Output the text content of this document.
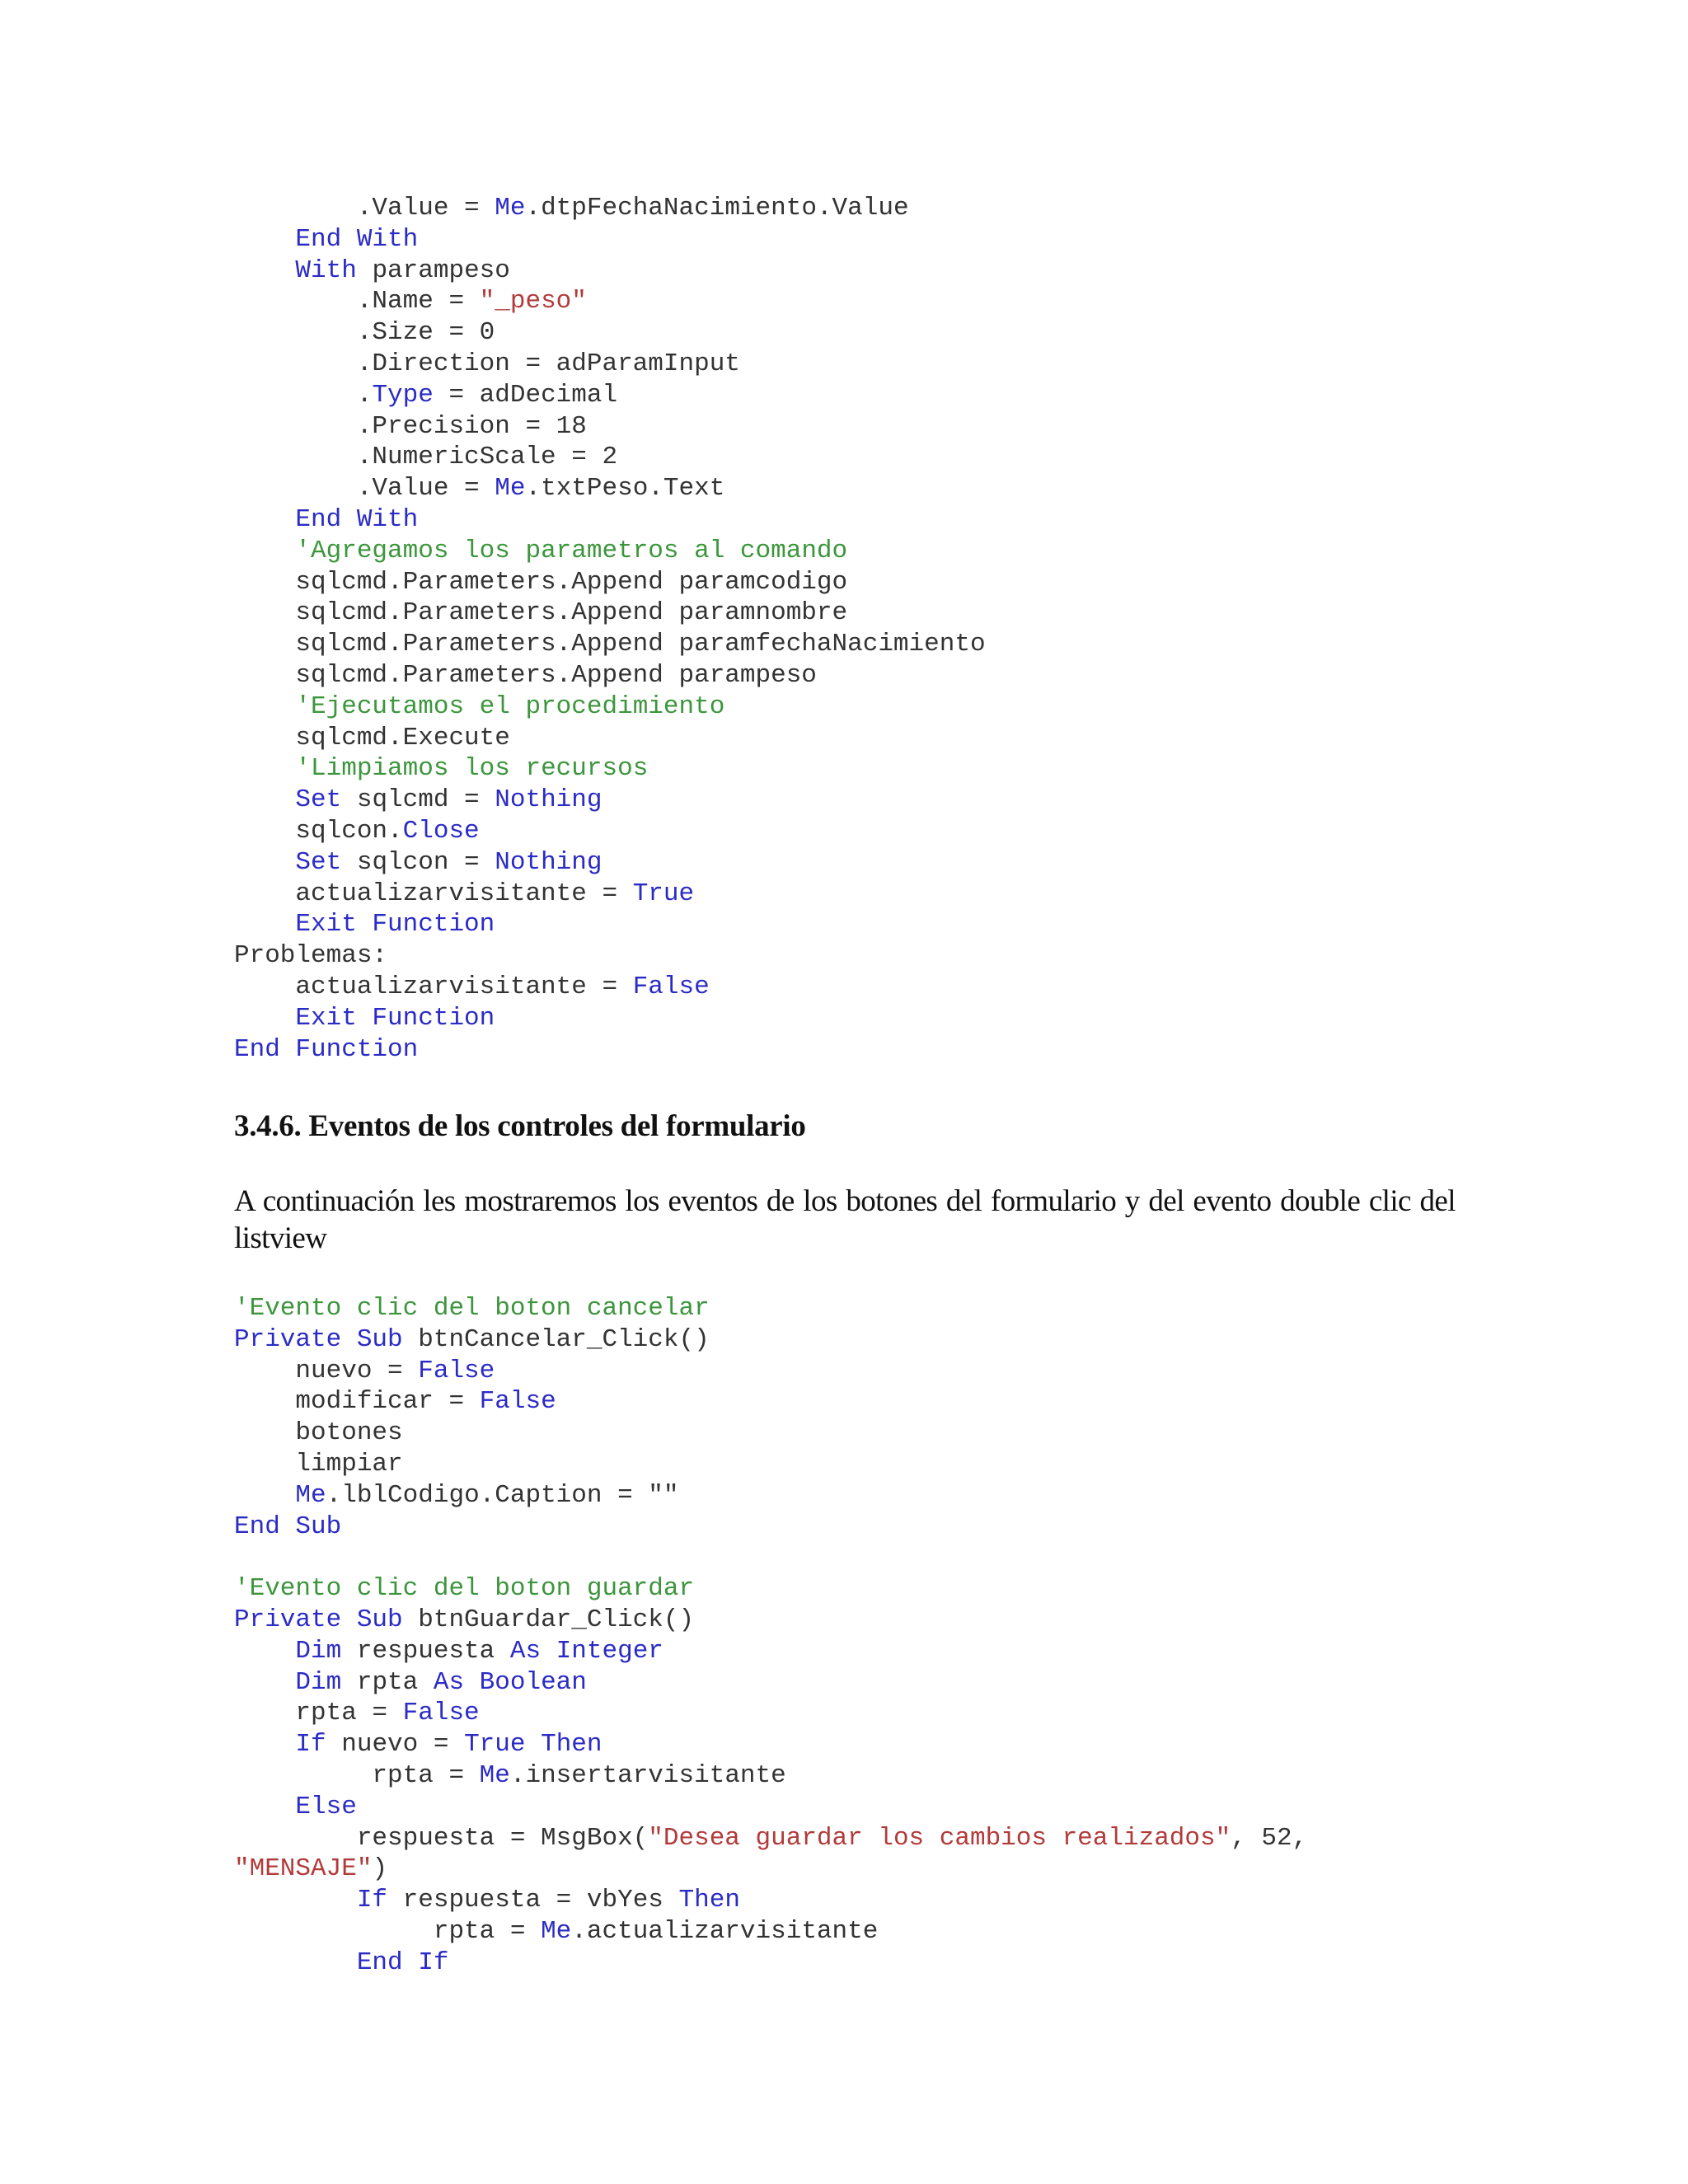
.Value = Me.dtpFechaNacimiento.Value
End With
With parampeso
.Name = "_peso"
.Size = 0
.Direction = adParamInput
.Type = adDecimal
.Precision = 18
.NumericScale = 2
.Value = Me.txtPeso.Text
End With
'Agregamos los parametros al comando
sqlcmd.Parameters.Append paramcodigo
sqlcmd.Parameters.Append paramnombre
sqlcmd.Parameters.Append paramfechaNacimiento
sqlcmd.Parameters.Append parampeso
'Ejecutamos el procedimiento
sqlcmd.Execute
'Limpiamos los recursos
Set sqlcmd = Nothing
sqlcon.Close
Set sqlcon = Nothing
actualizarvisitante = True
Exit Function
Problemas:
actualizarvisitante = False
Exit Function
End Function
3.4.6. Eventos de los controles del formulario

A continuación les mostraremos los eventos de los botones del formulario y del evento double clic del listview

'Evento clic del boton cancelar
Private Sub btnCancelar_Click()
nuevo = False
modificar = False
botones
limpiar
Me.lblCodigo.Caption = ""
End Sub

'Evento clic del boton guardar
Private Sub btnGuardar_Click()
Dim respuesta As Integer
Dim rpta As Boolean
rpta = False
If nuevo = True Then
rpta = Me.insertarvisitante
Else
respuesta = MsgBox("Desea guardar los cambios realizados", 52,
"MENSAJE")
If respuesta = vbYes Then
rpta = Me.actualizarvisitante
End If
